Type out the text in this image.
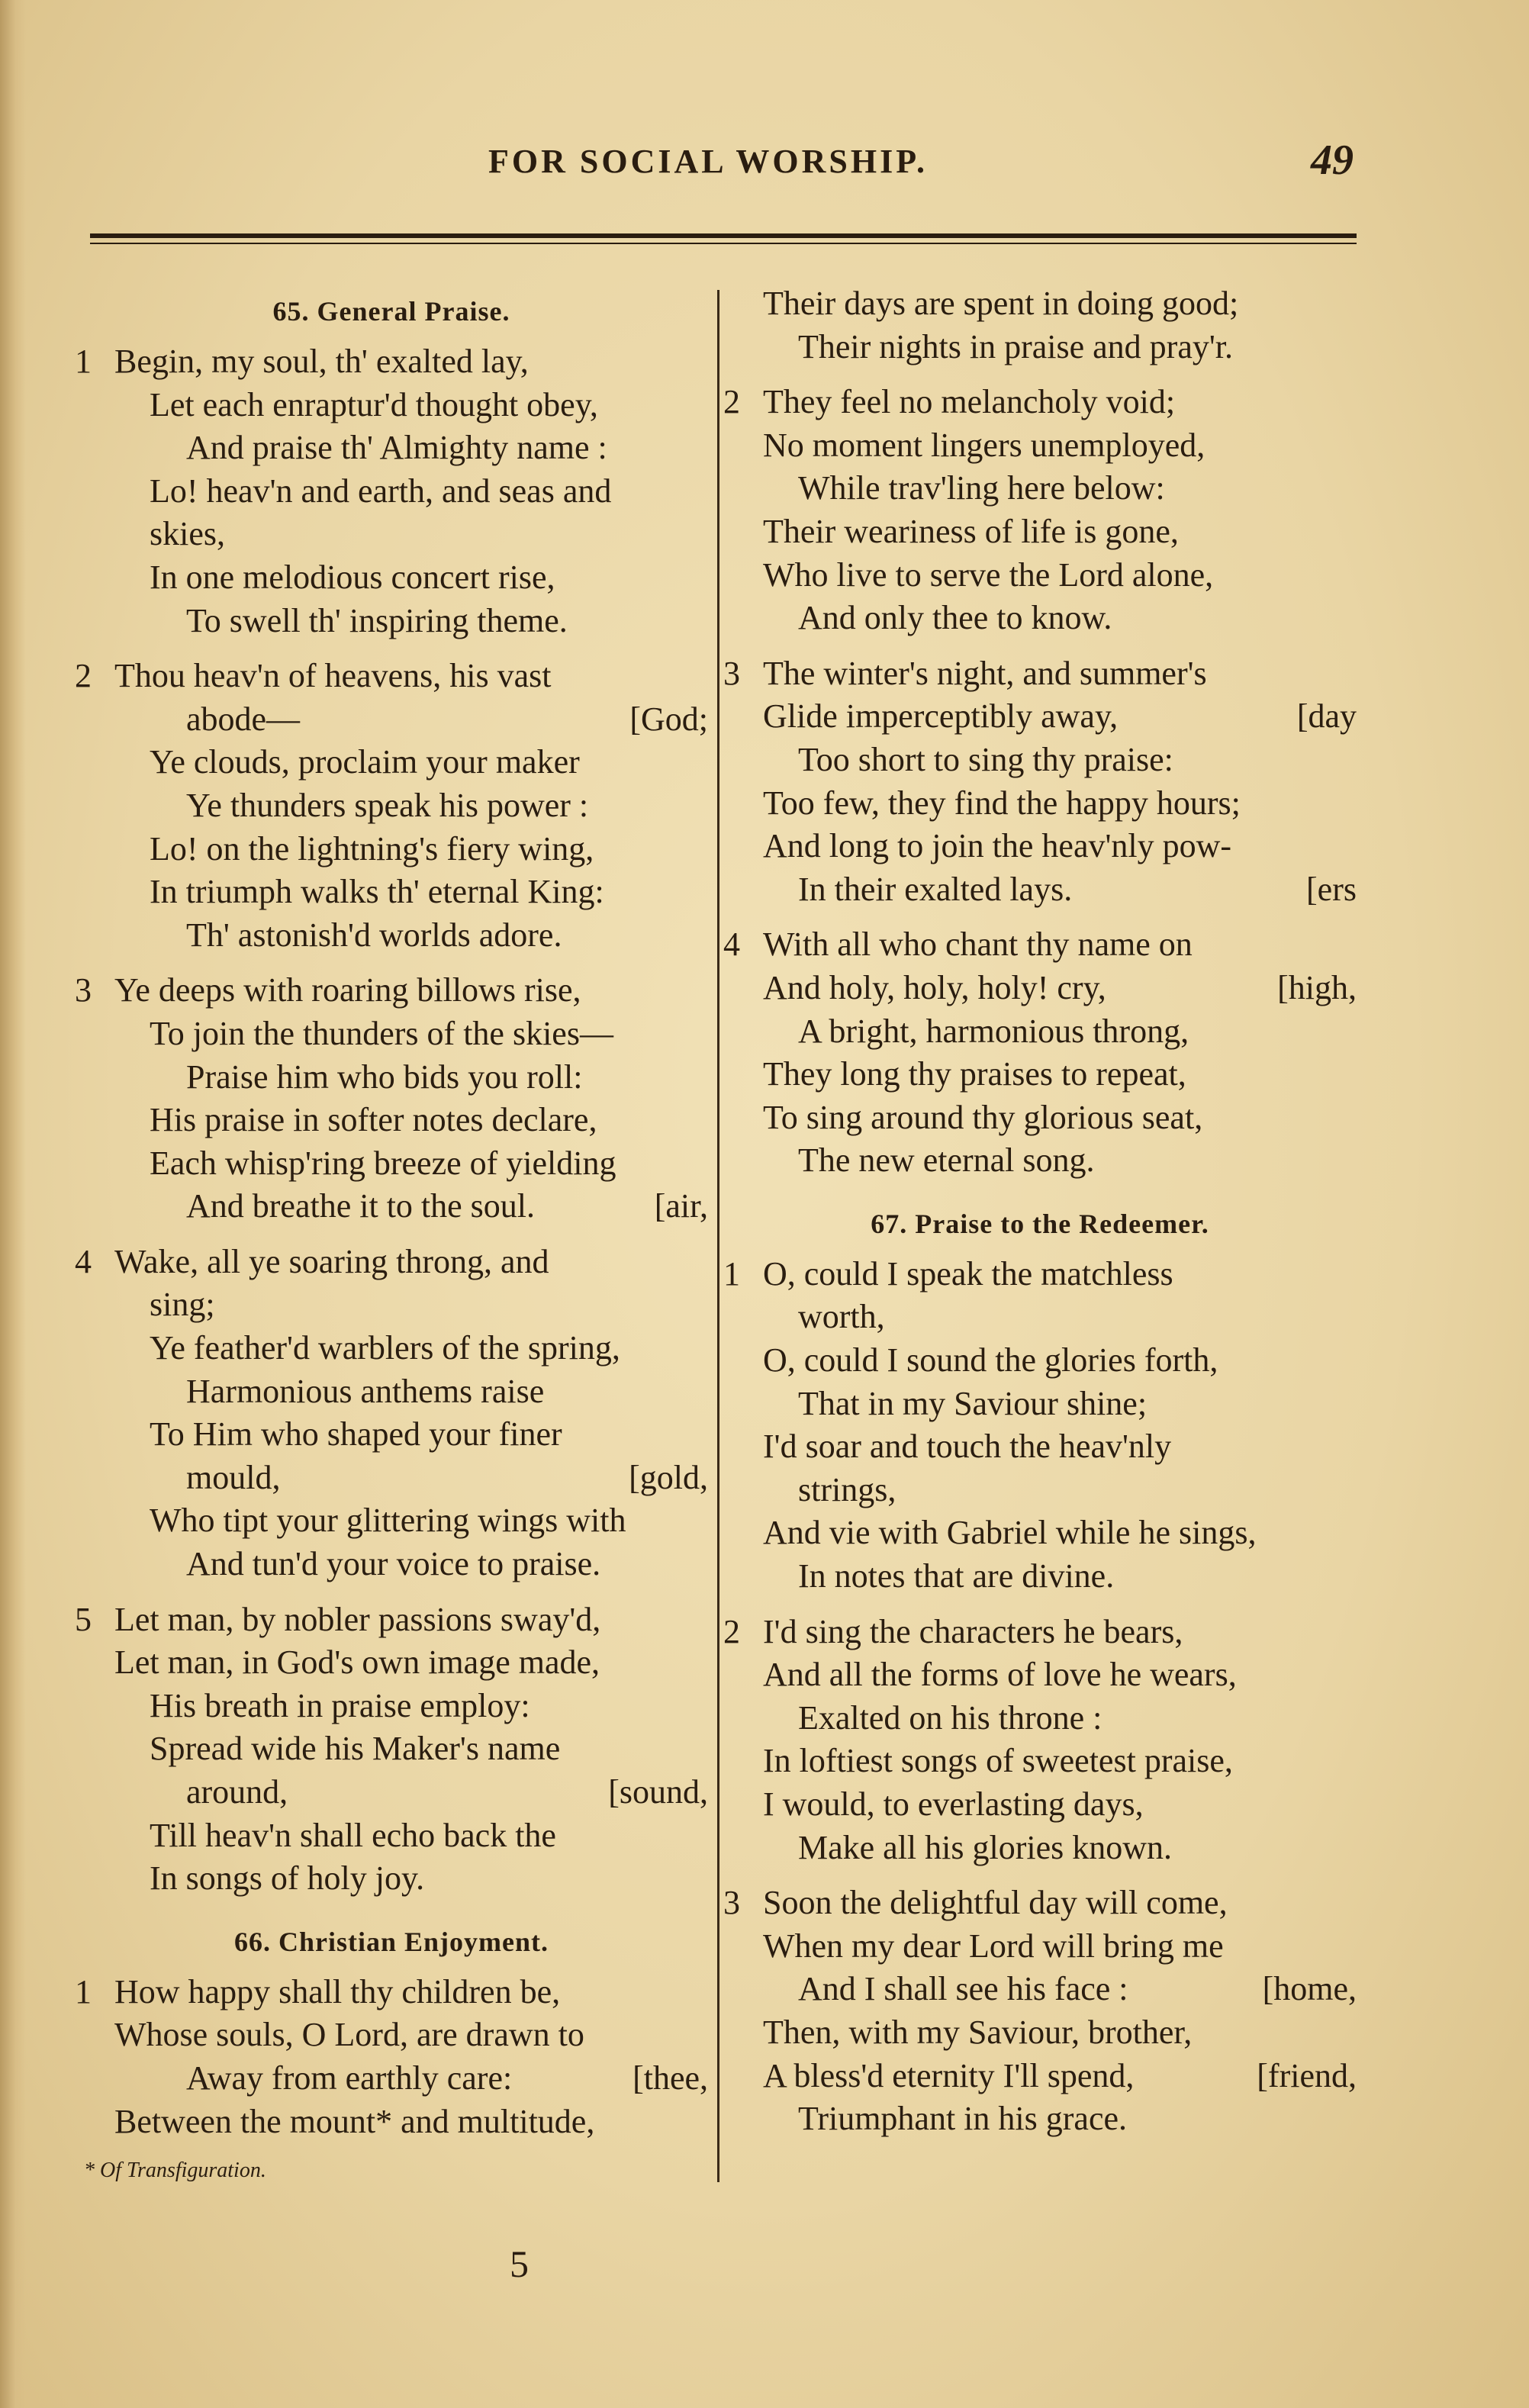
FOR SOCIAL WORSHIP.	49
65. General Praise.
1 Begin, my soul, th' exalted lay,
Let each enraptur'd thought obey,
And praise th' Almighty name :
Lo! heav'n and earth, and seas and
skies,
In one melodious concert rise,
To swell th' inspiring theme.
2 Thou heav'n of heavens, his vast
abode—	[God;
Ye clouds, proclaim your maker
Ye thunders speak his power :
Lo! on the lightning's fiery wing,
In triumph walks th' eternal King:
Th' astonish'd worlds adore.
3 Ye deeps with roaring billows rise,
To join the thunders of the skies—
Praise him who bids you roll:
His praise in softer notes declare,
Each whisp'ring breeze of yielding
And breathe it to the soul.	[air,
4 Wake, all ye soaring throng, and
sing;
Ye feather'd warblers of the spring,
Harmonious anthems raise
To Him who shaped your finer
mould,	[gold,
Who tipt your glittering wings with
And tun'd your voice to praise.
5 Let man, by nobler passions sway'd,
Let man, in God's own image made,
His breath in praise employ:
Spread wide his Maker's name
around,	[sound,
Till heav'n shall echo back the
In songs of holy joy.
66. Christian Enjoyment.
1 How happy shall thy children be,
Whose souls, O Lord, are drawn to
Away from earthly care:	[thee,
Between the mount* and multitude,
* Of Transfiguration.
Their days are spent in doing good;
Their nights in praise and pray'r.
2 They feel no melancholy void;
No moment lingers unemployed,
While trav'ling here below:
Their weariness of life is gone,
Who live to serve the Lord alone,
And only thee to know.
3 The winter's night, and summer's
Glide imperceptibly away,	[day
Too short to sing thy praise:
Too few, they find the happy hours;
And long to join the heav'nly pow-
In their exalted lays.	[ers
4 With all who chant thy name on
And holy, holy, holy! cry,	[high,
A bright, harmonious throng,
They long thy praises to repeat,
To sing around thy glorious seat,
The new eternal song.
67. Praise to the Redeemer.
1 O, could I speak the matchless
worth,
O, could I sound the glories forth,
That in my Saviour shine;
I'd soar and touch the heav'nly
strings,
And vie with Gabriel while he sings,
In notes that are divine.
2 I'd sing the characters he bears,
And all the forms of love he wears,
Exalted on his throne :
In loftiest songs of sweetest praise,
I would, to everlasting days,
Make all his glories known.
3 Soon the delightful day will come,
When my dear Lord will bring me
And I shall see his face :	[home,
Then, with my Saviour, brother,
A bless'd eternity I'll spend,	[friend,
Triumphant in his grace.
5
